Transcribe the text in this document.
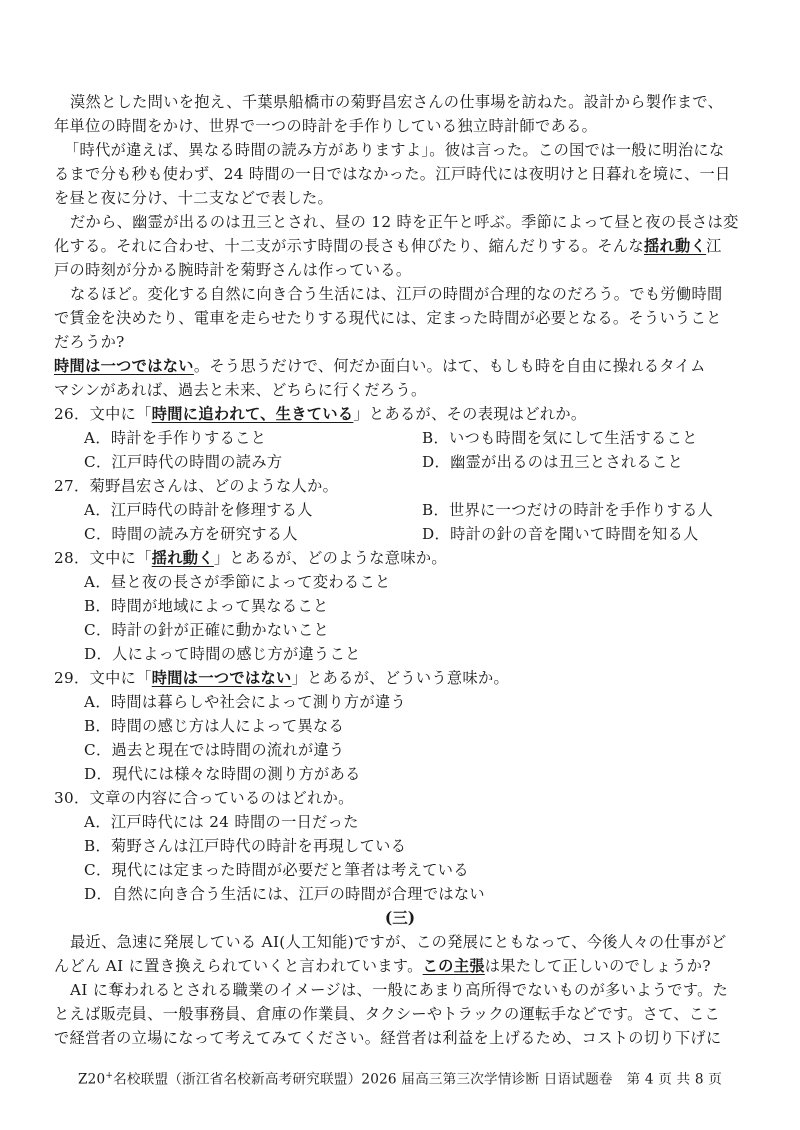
漠然とした問いを抱え、千葉県船橋市の菊野昌宏さんの仕事場を訪ねた。設計から製作まで、
年単位の時間をかけ、世界で一つの時計を手作りしている独立時計師である。
「時代が違えば、異なる時間の読み方がありますよ」。彼は言った。この国では一般に明治にな
るまで分も秒も使わず、24 時間の一日ではなかった。江戸時代には夜明けと日暮れを境に、一日
を昼と夜に分け、十二支などで表した。
だから、幽霊が出るのは丑三とされ、昼の 12 時を正午と呼ぶ。季節によって昼と夜の長さは変
化する。それに合わせ、十二支が示す時間の長さも伸びたり、縮んだりする。そんな揺れ動く江
戸の時刻が分かる腕時計を菊野さんは作っている。
なるほど。変化する自然に向き合う生活には、江戸の時間が合理的なのだろう。でも労働時間
で賃金を決めたり、電車を走らせたりする現代には、定まった時間が必要となる。そういうこと
だろうか?
時間は一つではない。そう思うだけで、何だか面白い。はて、もしも時を自由に操れるタイム
マシンがあれば、過去と未来、どちらに行くだろう。
26．文中に「時間に追われて、生きている」とあるが、その表現はどれか。
A．時計を手作りすること	B．いつも時間を気にして生活すること
C．江戸時代の時間の読み方	D．幽霊が出るのは丑三とされること
27．菊野昌宏さんは、どのような人か。
A．江戸時代の時計を修理する人	B．世界に一つだけの時計を手作りする人
C．時間の読み方を研究する人	D．時計の針の音を聞いて時間を知る人
28．文中に「揺れ動く」とあるが、どのような意味か。
A．昼と夜の長さが季節によって変わること
B．時間が地域によって異なること
C．時計の針が正確に動かないこと
D．人によって時間の感じ方が違うこと
29．文中に「時間は一つではない」とあるが、どういう意味か。
A．時間は暮らしや社会によって測り方が違う
B．時間の感じ方は人によって異なる
C．過去と現在では時間の流れが違う
D．現代には様々な時間の測り方がある
30．文章の内容に合っているのはどれか。
A．江戸時代には 24 時間の一日だった
B．菊野さんは江戸時代の時計を再現している
C．現代には定まった時間が必要だと筆者は考えている
D．自然に向き合う生活には、江戸の時間が合理ではない
(三)
最近、急速に発展している AI(人工知能)ですが、この発展にともなって、今後人々の仕事がど
んどん AI に置き換えられていくと言われています。この主張は果たして正しいのでしょうか?
AI に奪われるとされる職業のイメージは、一般にあまり高所得でないものが多いようです。た
とえば販売員、一般事務員、倉庫の作業員、タクシーやトラックの運転手などです。さて、ここ
で経営者の立場になって考えてみてください。経営者は利益を上げるため、コストの切り下げに
Z20+名校联盟（浙江省名校新高考研究联盟）2026 届高三第三次学情诊断 日语试题卷　第 4 页 共 8 页
